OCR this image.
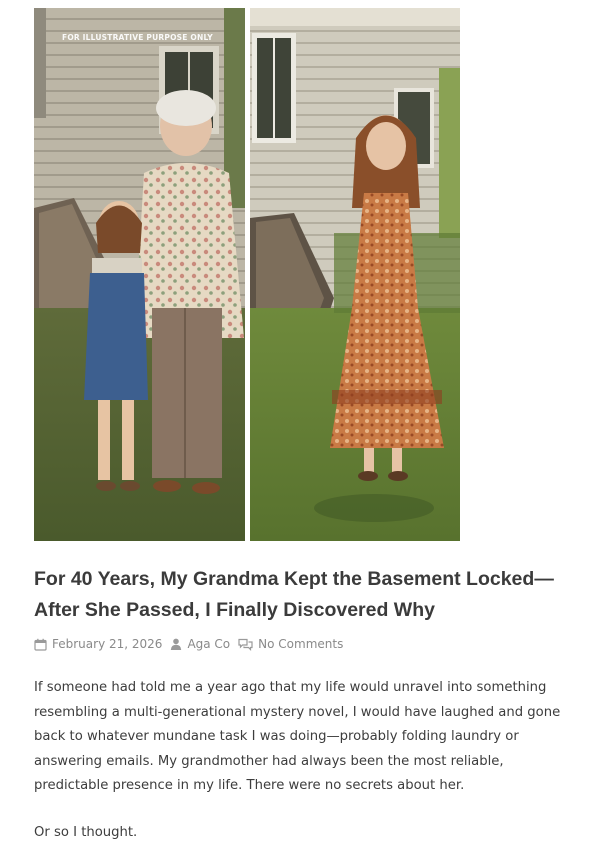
FOR ILLUSTRATIVE PURPOSE ONLY
For 40 Years, My Grandma Kept the Basement Locked—After She Passed, I Finally Discovered Why
February 21, 2026 Aga Co No Comments

If someone had told me a year ago that my life would unravel into something resembling a multi-generational mystery novel, I would have laughed and gone back to whatever mundane task I was doing—probably folding laundry or answering emails. My grandmother had always been the most reliable, predictable presence in my life. There were no secrets about her.

Or so I thought.
